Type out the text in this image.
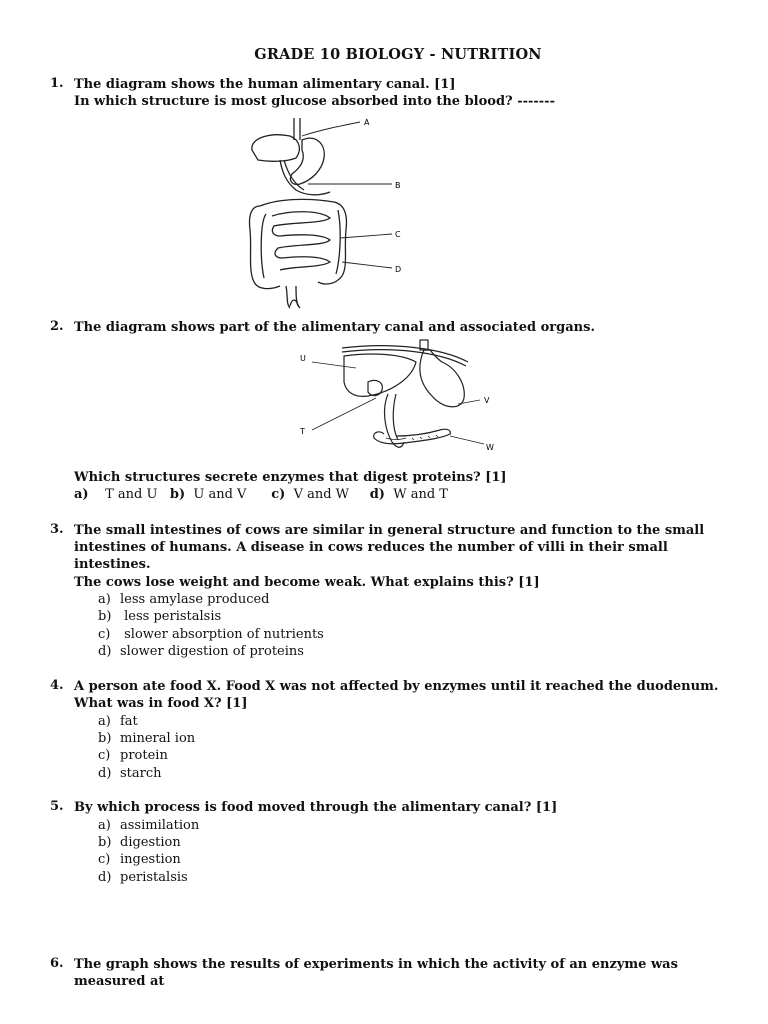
GRADE 10 BIOLOGY - NUTRITION
1. The diagram shows the human alimentary canal. [1]
In which structure is most glucose absorbed into the blood? -------
A
B
C
D
2. The diagram shows part of the alimentary canal and associated organs.
U
V
T
W
Which structures secrete enzymes that digest proteins? [1]
a) T and U b) U and V c) V and W d) W and T
3. The small intestines of cows are similar in general structure and function to the small
intestines of humans. A disease in cows reduces the number of villi in their small
intestines.
The cows lose weight and become weak. What explains this? [1]
a) less amylase produced
b) less peristalsis
c) slower absorption of nutrients
d) slower digestion of proteins
4. A person ate food X. Food X was not affected by enzymes until it reached the duodenum.
What was in food X? [1]
a) fat
b) mineral ion
c) protein
d) starch
5. By which process is food moved through the alimentary canal? [1]
a) assimilation
b) digestion
c) ingestion
d) peristalsis
6. The graph shows the results of experiments in which the activity of an enzyme was
measured at
